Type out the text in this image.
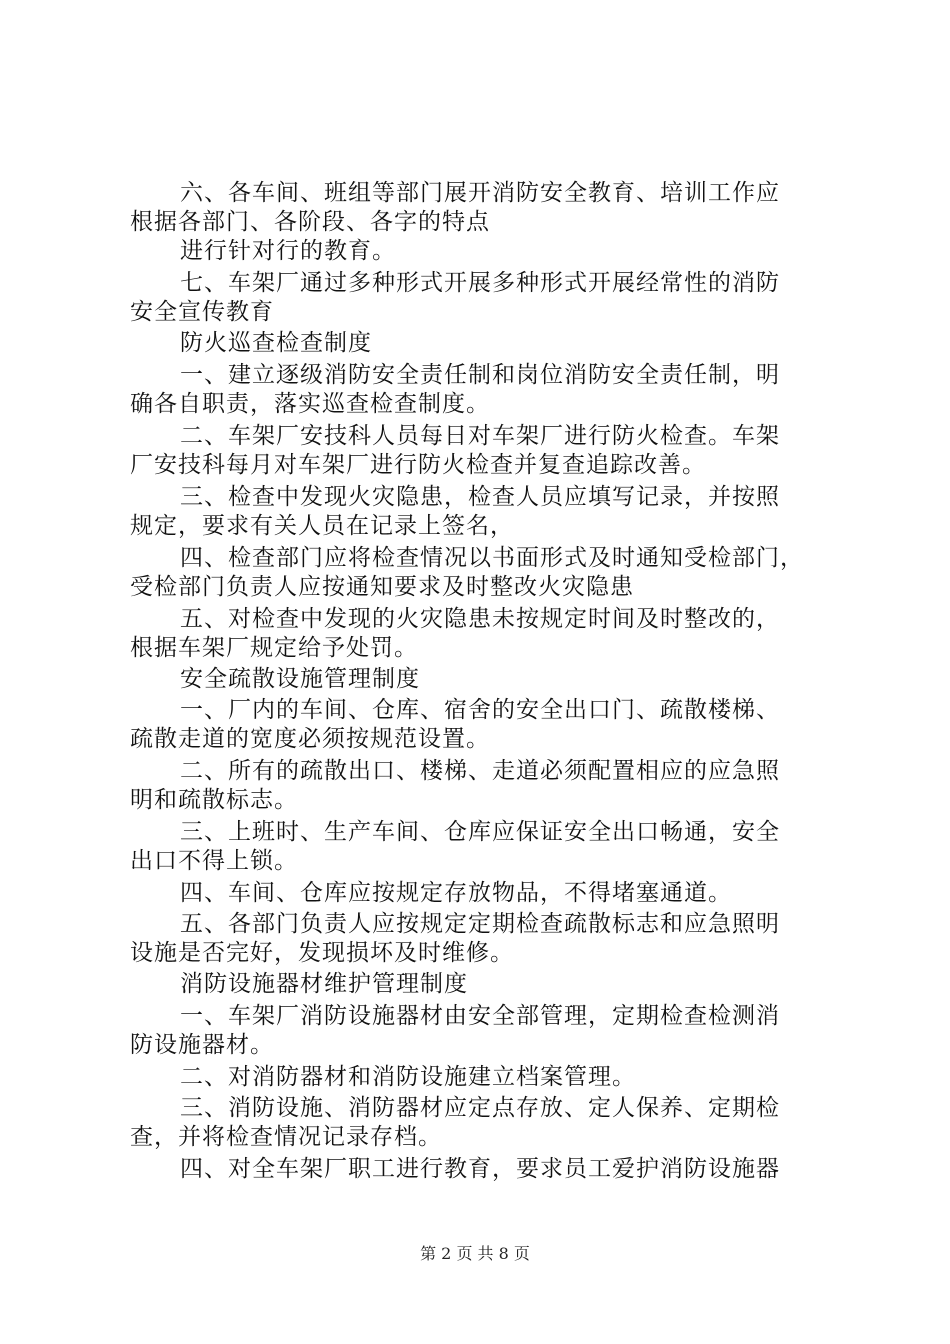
六、各车间、班组等部门展开消防安全教育、培训工作应
根据各部门、各阶段、各字的特点
进行针对行的教育。
七、车架厂通过多种形式开展多种形式开展经常性的消防
安全宣传教育
防火巡查检查制度
一、建立逐级消防安全责任制和岗位消防安全责任制，明
确各自职责，落实巡查检查制度。
二、车架厂安技科人员每日对车架厂进行防火检查。车架
厂安技科每月对车架厂进行防火检查并复查追踪改善。
三、检查中发现火灾隐患，检查人员应填写记录，并按照
规定，要求有关人员在记录上签名，
四、检查部门应将检查情况以书面形式及时通知受检部门，
受检部门负责人应按通知要求及时整改火灾隐患
五、对检查中发现的火灾隐患未按规定时间及时整改的，
根据车架厂规定给予处罚。
安全疏散设施管理制度
一、厂内的车间、仓库、宿舍的安全出口门、疏散楼梯、
疏散走道的宽度必须按规范设置。
二、所有的疏散出口、楼梯、走道必须配置相应的应急照
明和疏散标志。
三、上班时、生产车间、仓库应保证安全出口畅通，安全
出口不得上锁。
四、车间、仓库应按规定存放物品，不得堵塞通道。
五、各部门负责人应按规定定期检查疏散标志和应急照明
设施是否完好，发现损坏及时维修。
消防设施器材维护管理制度
一、车架厂消防设施器材由安全部管理，定期检查检测消
防设施器材。
二、对消防器材和消防设施建立档案管理。
三、消防设施、消防器材应定点存放、定人保养、定期检
查，并将检查情况记录存档。
四、对全车架厂职工进行教育，要求员工爱护消防设施器
第 2 页 共 8 页
